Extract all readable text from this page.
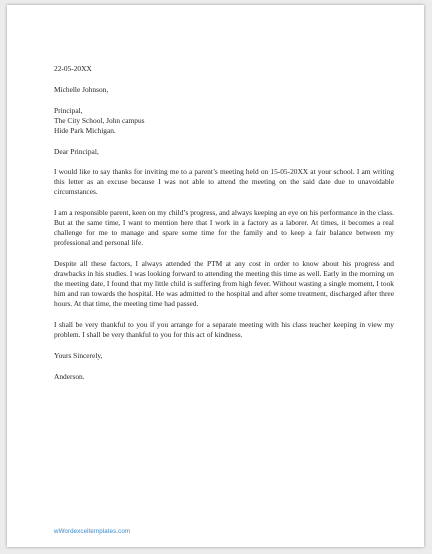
22-05-20XX

Michelle Johnson,

Principal,

The City School, John campus

Hide Park Michigan.

Dear Principal,

I would like to say thanks for inviting me to a parent’s meeting held on 15-05-20XX at your school. I am writing this letter as an excuse because I was not able to attend the meeting on the said date due to unavoidable circumstances.

I am a responsible parent, keen on my child’s progress, and always keeping an eye on his performance in the class. But at the same time, I want to mention here that I work in a factory as a laborer. At times, it becomes a real challenge for me to manage and spare some time for the family and to keep a fair balance between my professional and personal life.

Despite all these factors, I always attended the PTM at any cost in order to know about his progress and drawbacks in his studies. I was looking forward to attending the meeting this time as well. Early in the morning on the meeting date, I found that my little child is suffering from high fever. Without wasting a single moment, I took him and ran towards the hospital. He was admitted to the hospital and after some treatment, discharged after three hours. At that time, the meeting time had passed.

I shall be very thankful to you if you arrange for a separate meeting with his class teacher keeping in view my problem. I shall be very thankful to you for this act of kindness.

Yours Sincerely,

Anderson.

wWordexceltemplates.com
